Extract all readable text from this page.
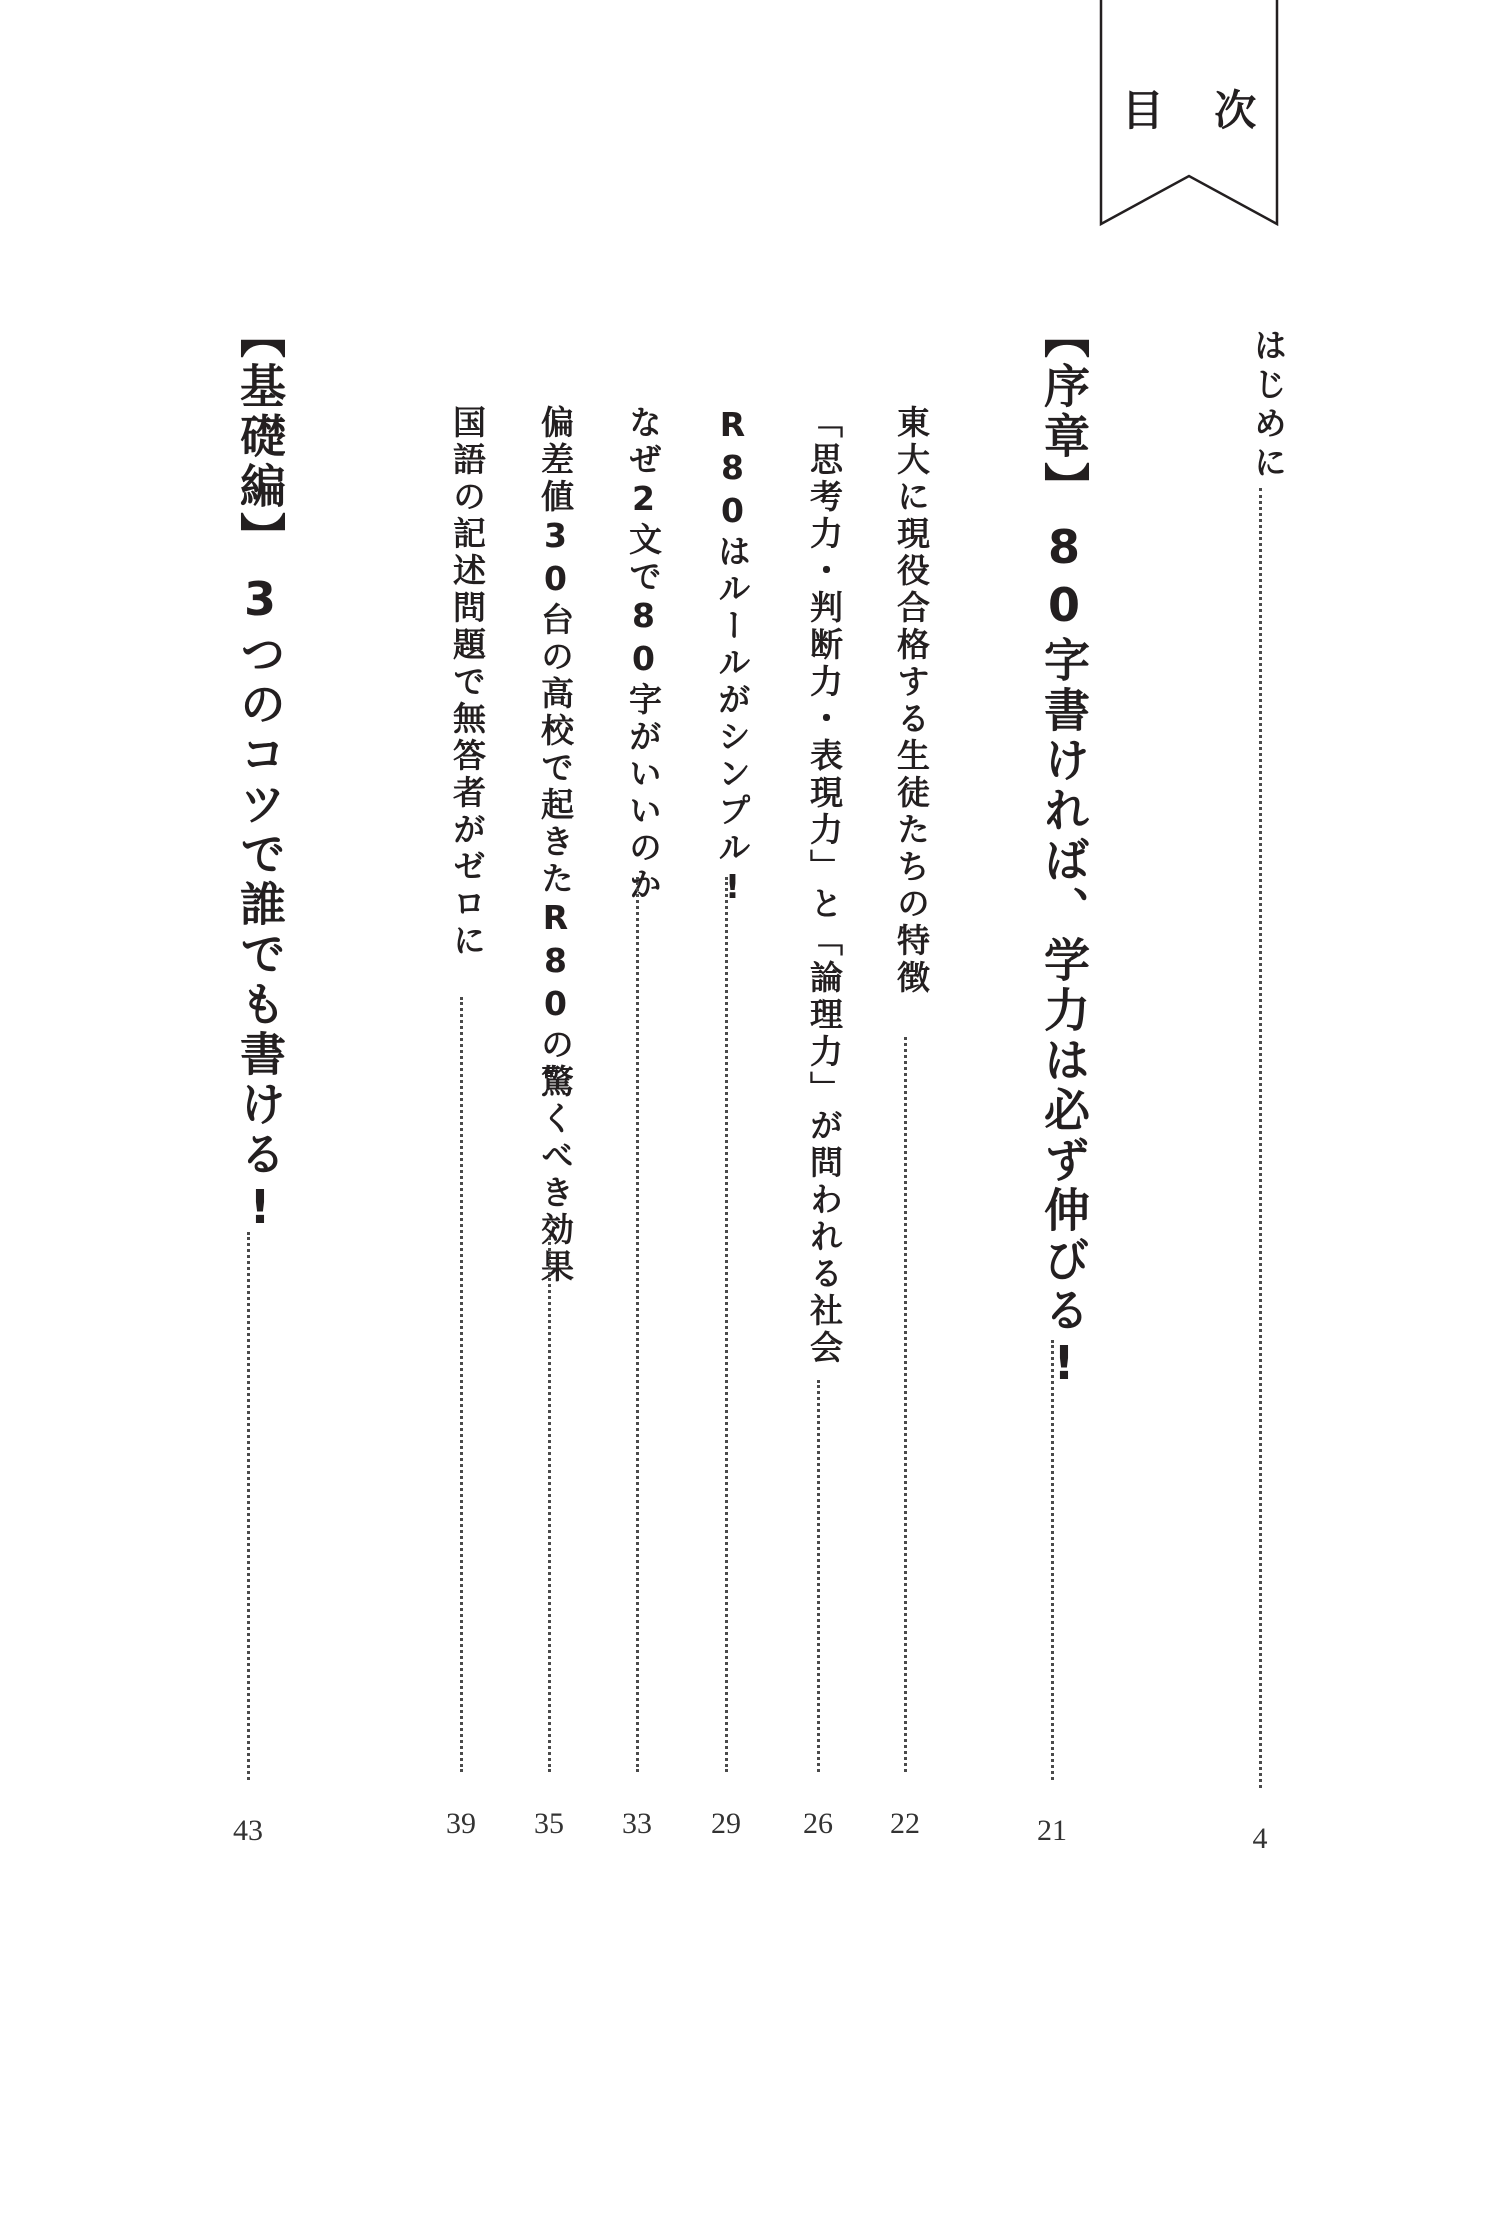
目 次
はじめに
4
【序章】
80字書ければ、学力は必ず伸びる!
21
東大に現役合格する生徒たちの特徴
22
「思考力・判断力・表現力」と「論理力」が問われる社会
26
R80はルールがシンプル!
29
なぜ2文で80字がいいのか
33
偏差値30台の高校で起きたR80の驚くべき効果
35
国語の記述問題で無答者がゼロに
39
【基礎編】
3つのコツで誰でも書ける!
43
